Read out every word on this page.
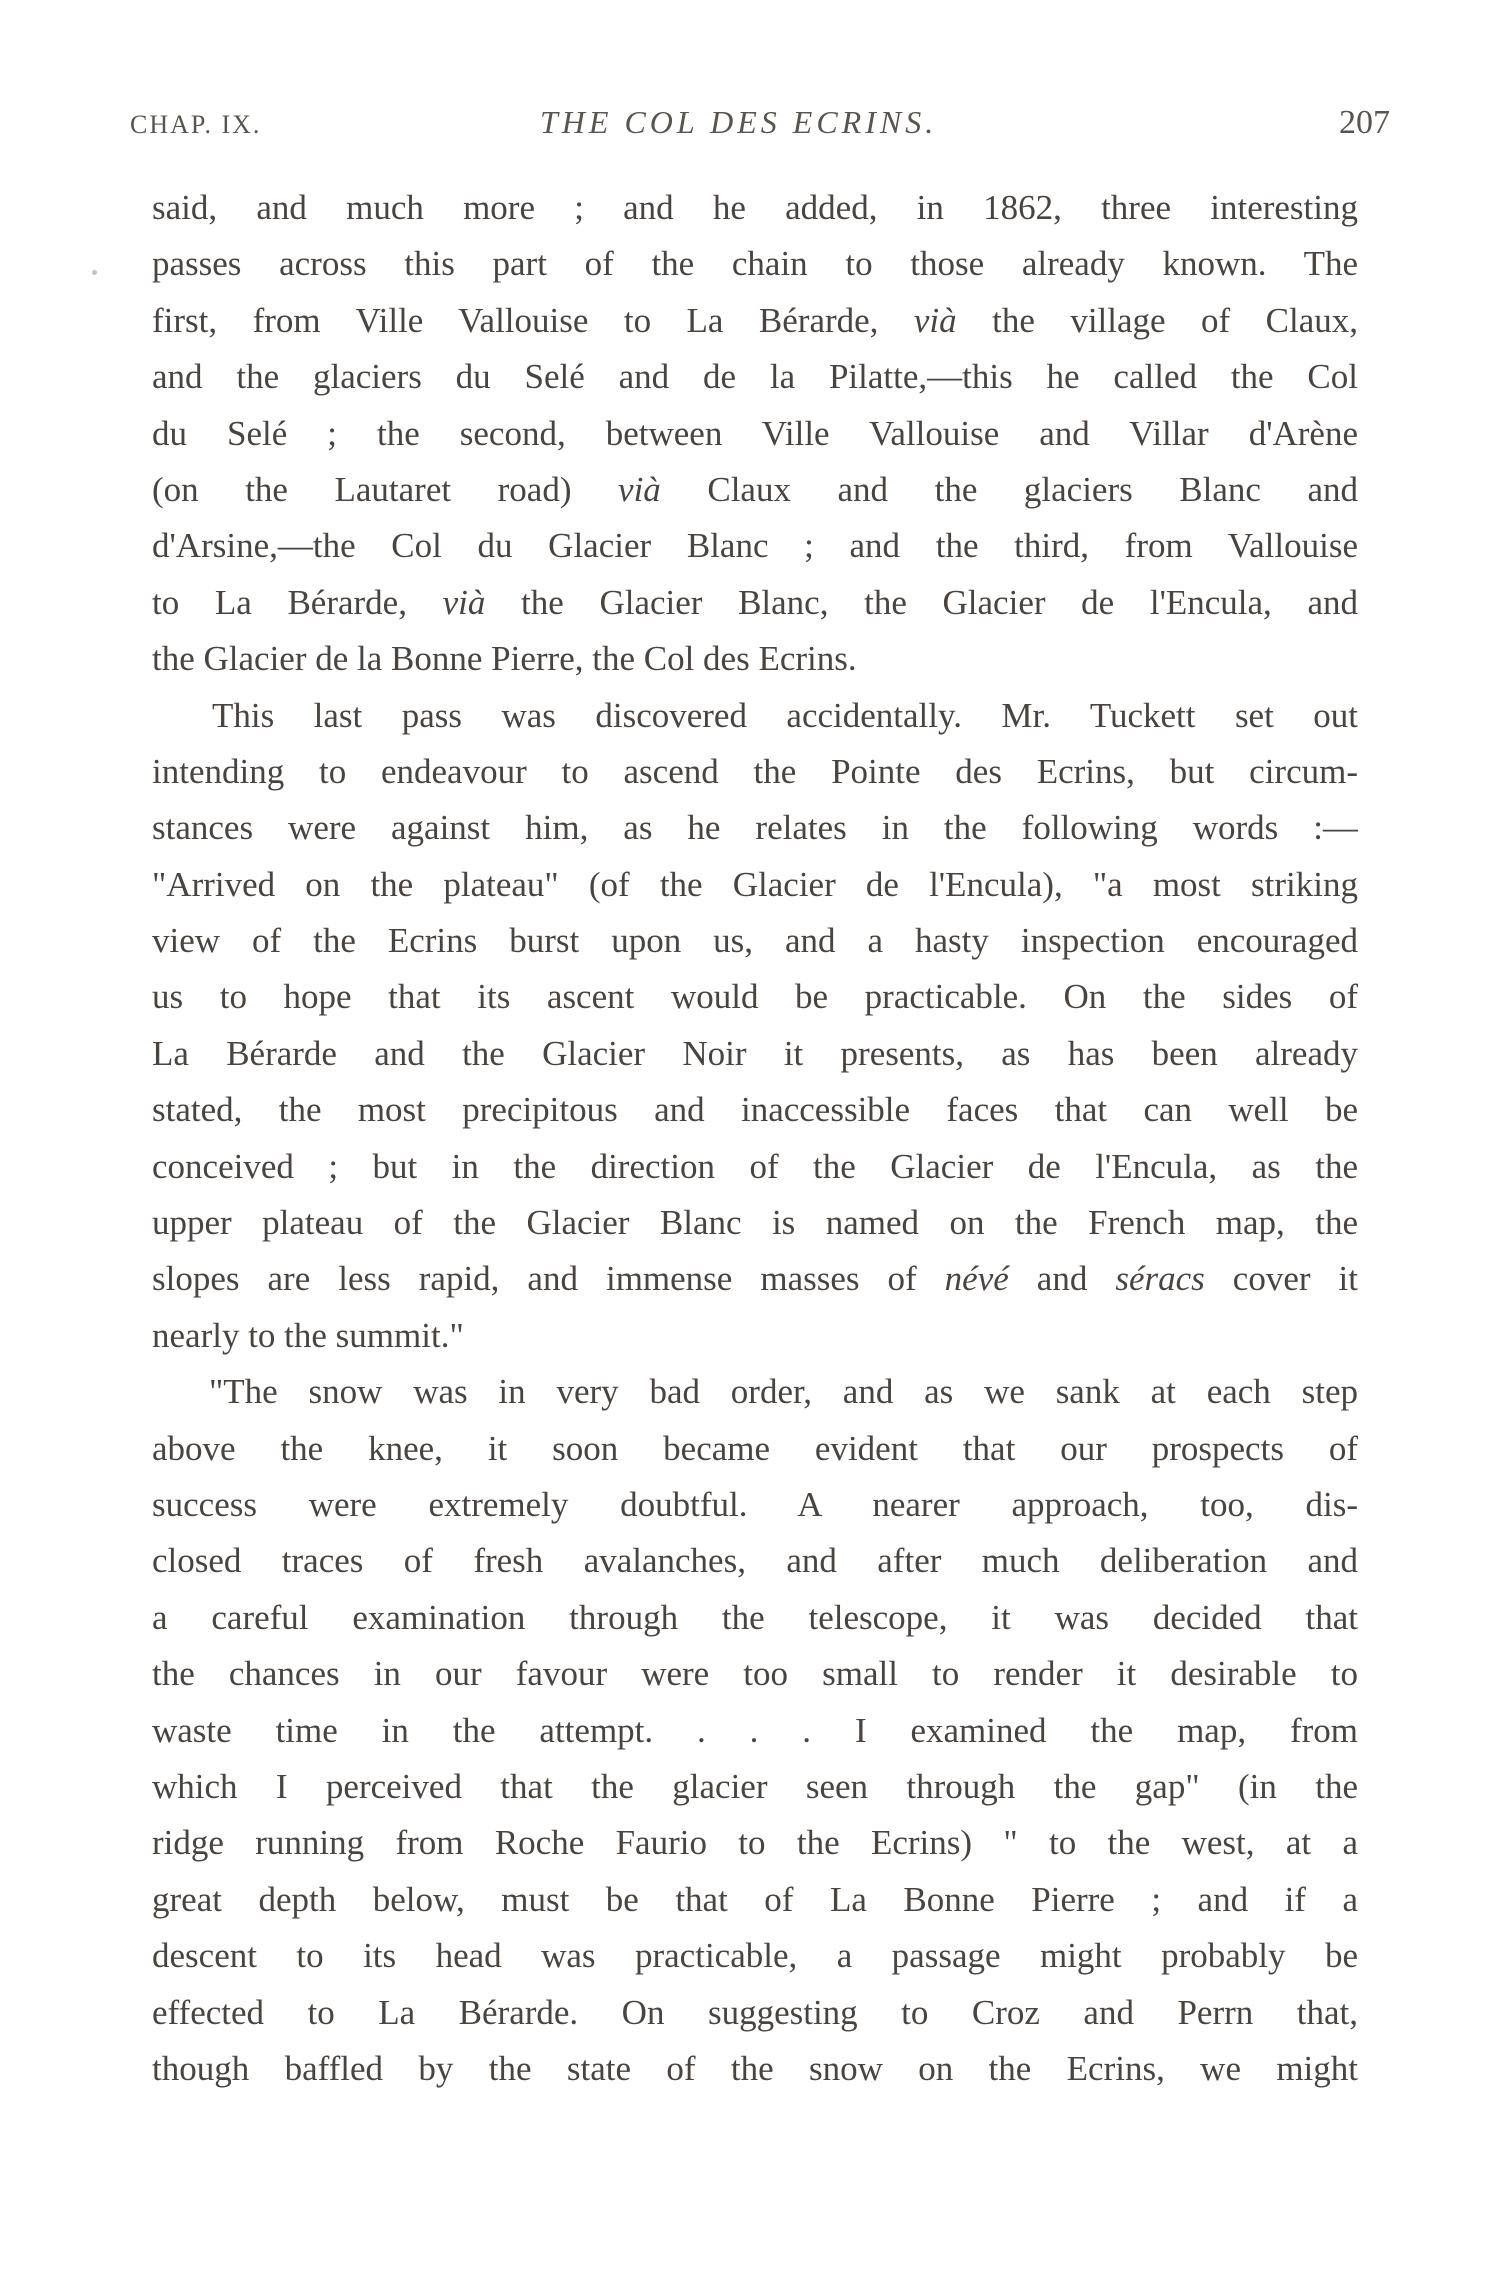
CHAP. IX.	THE COL DES ECRINS.	207
said, and much more ; and he added, in 1862, three interesting
passes across this part of the chain to those already known. The
first, from Ville Vallouise to La Bérarde, vià the village of Claux,
and the glaciers du Selé and de la Pilatte,—this he called the Col
du Selé ; the second, between Ville Vallouise and Villar d'Arène
(on the Lautaret road) vià Claux and the glaciers Blanc and
d'Arsine,—the Col du Glacier Blanc ; and the third, from Vallouise
to La Bérarde, vià the Glacier Blanc, the Glacier de l'Encula, and
the Glacier de la Bonne Pierre, the Col des Ecrins.
This last pass was discovered accidentally. Mr. Tuckett set out
intending to endeavour to ascend the Pointe des Ecrins, but circum-
stances were against him, as he relates in the following words :—
"Arrived on the plateau" (of the Glacier de l'Encula), "a most striking
view of the Ecrins burst upon us, and a hasty inspection encouraged
us to hope that its ascent would be practicable. On the sides of
La Bérarde and the Glacier Noir it presents, as has been already
stated, the most precipitous and inaccessible faces that can well be
conceived ; but in the direction of the Glacier de l'Encula, as the
upper plateau of the Glacier Blanc is named on the French map, the
slopes are less rapid, and immense masses of névé and séracs cover it
nearly to the summit."
"The snow was in very bad order, and as we sank at each step
above the knee, it soon became evident that our prospects of
success were extremely doubtful. A nearer approach, too, dis-
closed traces of fresh avalanches, and after much deliberation and
a careful examination through the telescope, it was decided that
the chances in our favour were too small to render it desirable to
waste time in the attempt. . . . I examined the map, from
which I perceived that the glacier seen through the gap" (in the
ridge running from Roche Faurio to the Ecrins) " to the west, at a
great depth below, must be that of La Bonne Pierre ; and if a
descent to its head was practicable, a passage might probably be
effected to La Bérarde. On suggesting to Croz and Perrn that,
though baffled by the state of the snow on the Ecrins, we might
